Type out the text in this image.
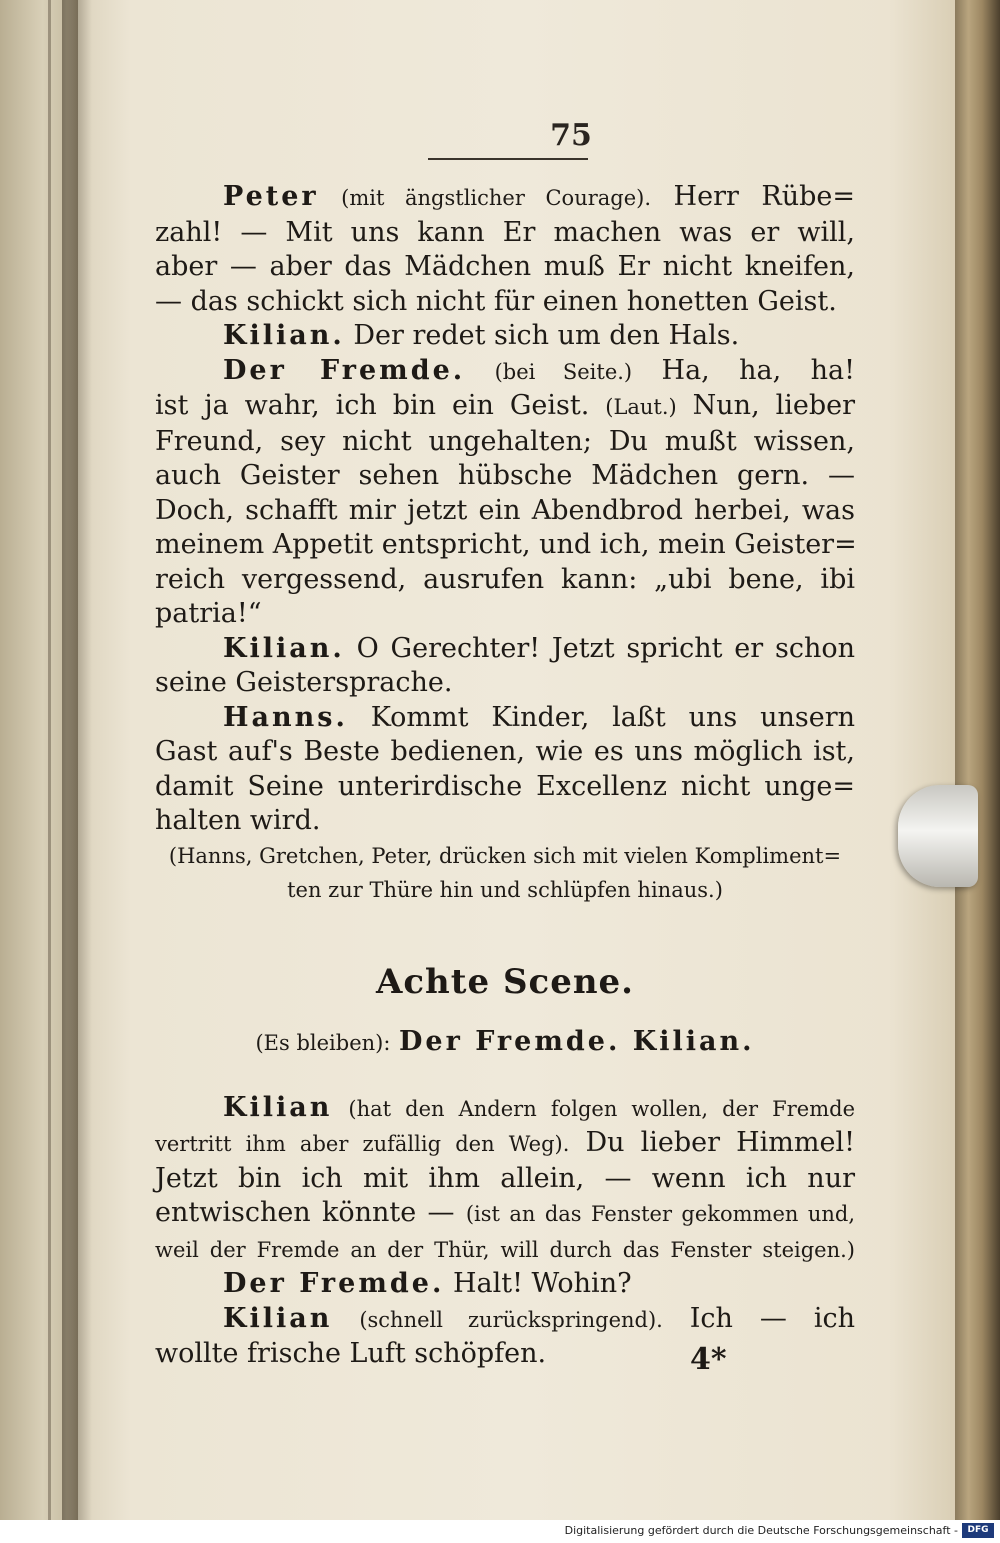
75
Peter (mit ängstlicher Courage). Herr Rübe=
zahl! — Mit uns kann Er machen was er will,
aber — aber das Mädchen muß Er nicht kneifen,
— das schickt sich nicht für einen honetten Geist.
Kilian. Der redet sich um den Hals.
Der Fremde. (bei Seite.) Ha, ha, ha!
ist ja wahr, ich bin ein Geist. (Laut.) Nun, lieber
Freund, sey nicht ungehalten; Du mußt wissen,
auch Geister sehen hübsche Mädchen gern. —
Doch, schafft mir jetzt ein Abendbrod herbei, was
meinem Appetit entspricht, und ich, mein Geister=
reich vergessend, ausrufen kann: „ubi bene, ibi
patria!“
Kilian. O Gerechter! Jetzt spricht er schon
seine Geistersprache.
Hanns. Kommt Kinder, laßt uns unsern
Gast auf's Beste bedienen, wie es uns möglich ist,
damit Seine unterirdische Excellenz nicht unge=
halten wird.
(Hanns, Gretchen, Peter, drücken sich mit vielen Kompliment=
ten zur Thüre hin und schlüpfen hinaus.)
Achte Scene.
(Es bleiben): Der Fremde. Kilian.
Kilian (hat den Andern folgen wollen, der Fremde
vertritt ihm aber zufällig den Weg). Du lieber Himmel!
Jetzt bin ich mit ihm allein, — wenn ich nur
entwischen könnte — (ist an das Fenster gekommen und,
weil der Fremde an der Thür, will durch das Fenster steigen.)
Der Fremde. Halt! Wohin?
Kilian (schnell zurückspringend). Ich — ich
wollte frische Luft schöpfen.	4*
Digitalisierung gefördert durch die Deutsche Forschungsgemeinschaft -	DFG
